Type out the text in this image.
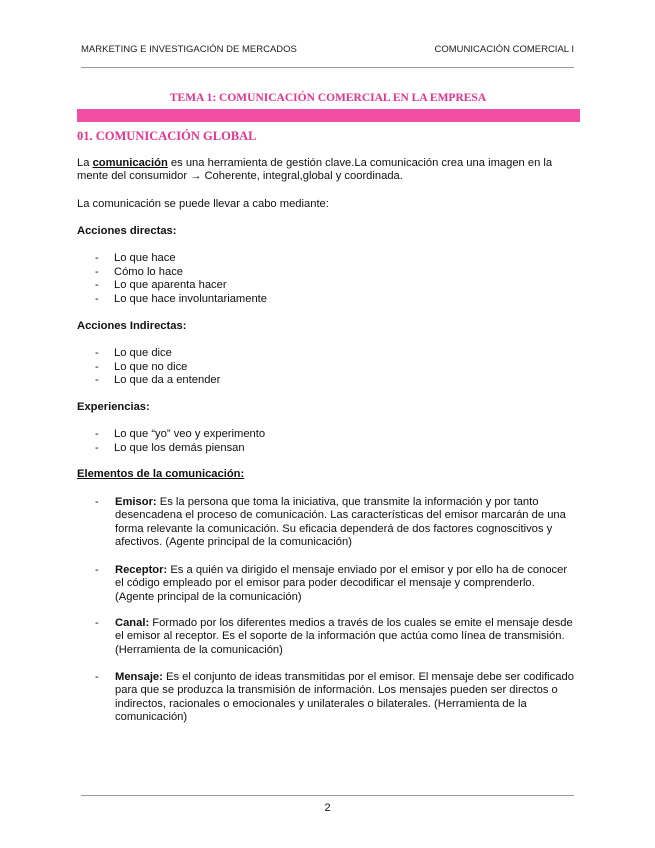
MARKETING E INVESTIGACIÓN DE MERCADOS	COMUNICACIÓN COMERCIAL I
TEMA 1: COMUNICACIÓN COMERCIAL EN LA EMPRESA
01. COMUNICACIÓN GLOBAL
La comunicación es una herramienta de gestión clave.La comunicación crea una imagen en la mente del consumidor → Coherente, integral,global y coordinada.
La comunicación se puede llevar a cabo mediante:
Acciones directas:
- Lo que hace
- Cómo lo hace
- Lo que aparenta hacer
- Lo que hace involuntariamente
Acciones Indirectas:
- Lo que dice
- Lo que no dice
- Lo que da a entender
Experiencias:
- Lo que “yo” veo y experimento
- Lo que los demás piensan
Elementos de la comunicación:
- Emisor: Es la persona que toma la iniciativa, que transmite la información y por tanto desencadena el proceso de comunicación. Las características del emisor marcarán de una forma relevante la comunicación. Su eficacia dependerá de dos factores cognoscitivos y afectivos. (Agente principal de la comunicación)
- Receptor: Es a quién va dirigido el mensaje enviado por el emisor y por ello ha de conocer el código empleado por el emisor para poder decodificar el mensaje y comprenderlo. (Agente principal de la comunicación)
- Canal: Formado por los diferentes medios a través de los cuales se emite el mensaje desde el emisor al receptor. Es el soporte de la información que actúa como línea de transmisión. (Herramienta de la comunicación)
- Mensaje: Es el conjunto de ideas transmitidas por el emisor. El mensaje debe ser codificado para que se produzca la transmisión de información. Los mensajes pueden ser directos o indirectos, racionales o emocionales y unilaterales o bilaterales. (Herramienta de la comunicación)
2
